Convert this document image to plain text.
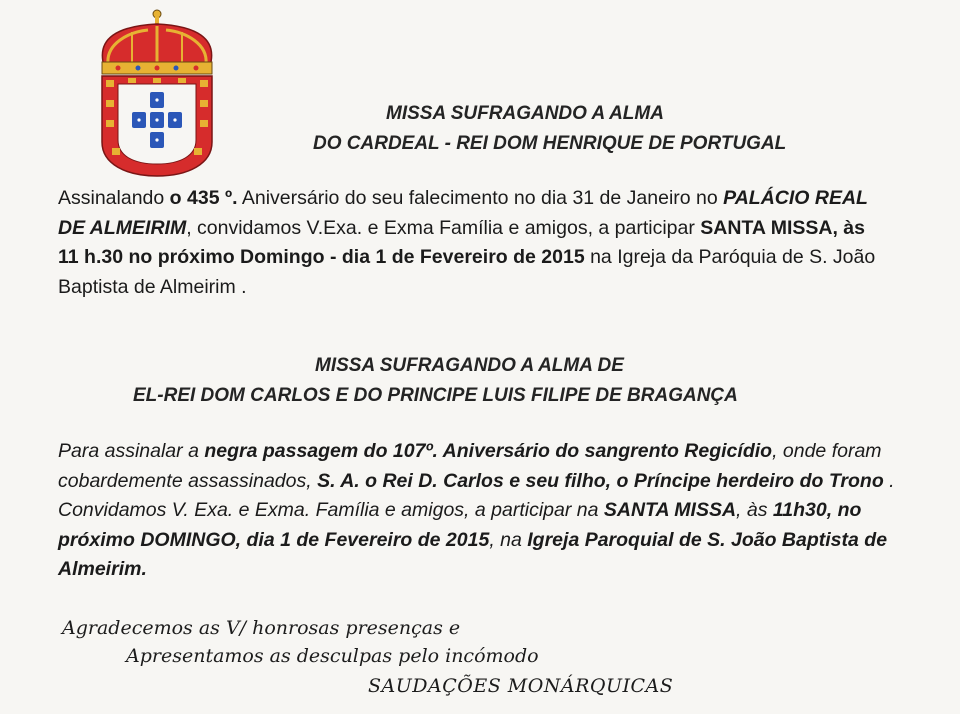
MISSA SUFRAGANDO A ALMA

DO CARDEAL - REI DOM HENRIQUE DE PORTUGAL

Assinalando o 435 º. Aniversário do seu falecimento no dia 31 de Janeiro no PALÁCIO REAL
DE ALMEIRIM, convidamos V.Exa. e Exma Família e amigos, a participar SANTA MISSA, às
11 h.30 no próximo Domingo - dia 1 de Fevereiro de 2015 na Igreja da Paróquia de S. João
Baptista de Almeirim .

MISSA SUFRAGANDO A ALMA DE

EL-REI DOM CARLOS E DO PRINCIPE LUIS FILIPE DE BRAGANÇA

Para assinalar a negra passagem do 107º. Aniversário do sangrento Regicídio, onde foram
cobardemente assassinados, S. A. o Rei D. Carlos e seu filho, o Príncipe herdeiro do Trono .
Convidamos V. Exa. e Exma. Família e amigos, a participar na SANTA MISSA, às 11h30, no
próximo DOMINGO, dia 1 de Fevereiro de 2015, na Igreja Paroquial de S. João Baptista de
Almeirim.

Agradecemos as V/ honrosas presenças e

Apresentamos as desculpas pelo incómodo

SAUDAÇÕES MONÁRQUICAS
